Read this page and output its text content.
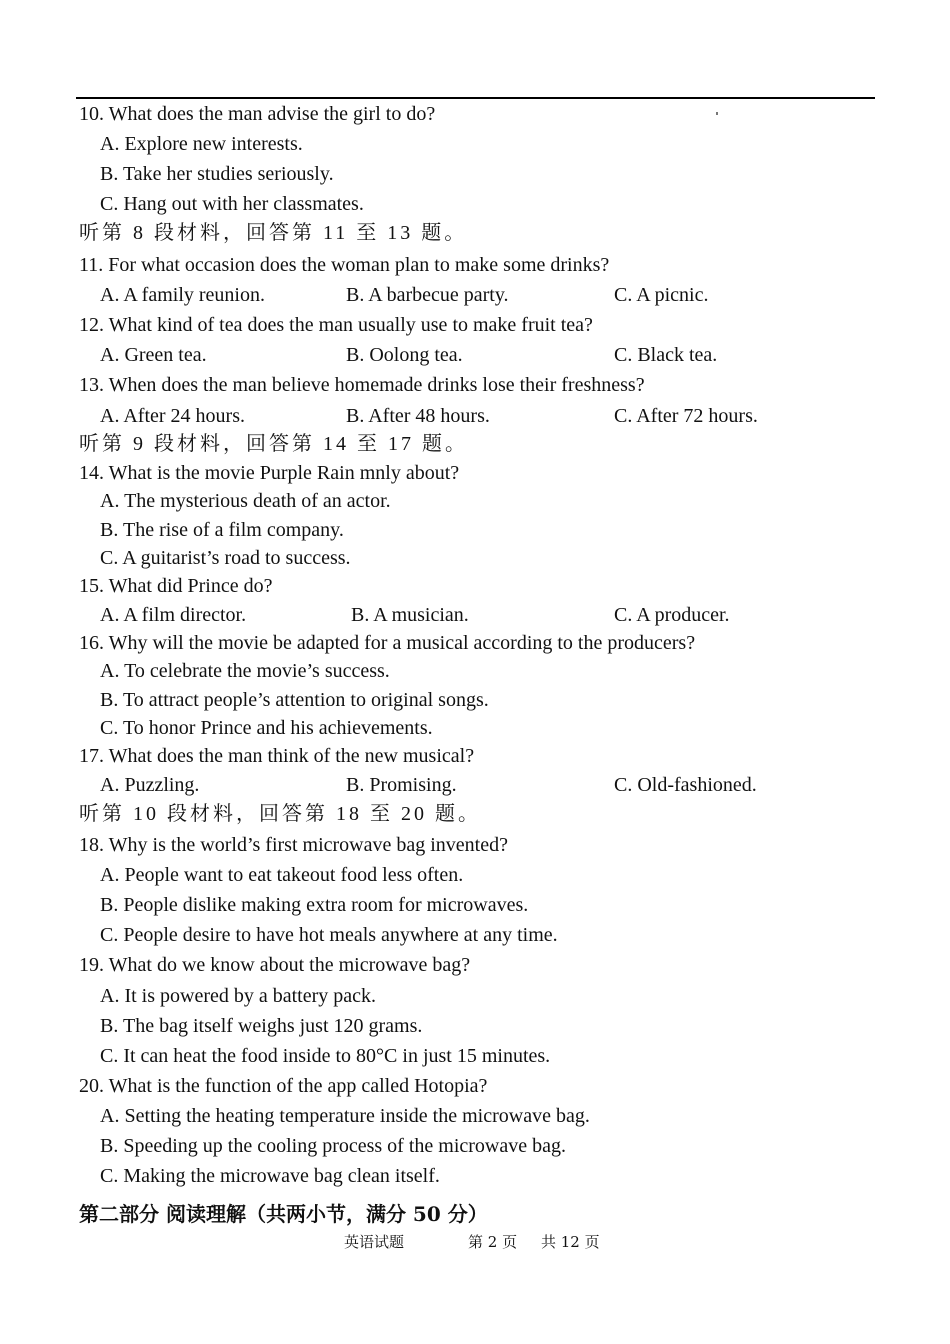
10. What does the man advise the girl to do?
A. Explore new interests.
B. Take her studies seriously.
C. Hang out with her classmates.
听第 8 段材料，回答第 11 至 13 题。
11. For what occasion does the woman plan to make some drinks?
A. A family reunion.	B. A barbecue party.	C. A picnic.
12. What kind of tea does the man usually use to make fruit tea?
A. Green tea.	B. Oolong tea.	C. Black tea.
13. When does the man believe homemade drinks lose their freshness?
A. After 24 hours.	B. After 48 hours.	C. After 72 hours.
听第 9 段材料，回答第 14 至 17 题。
14. What is the movie Purple Rain mnly about?
A. The mysterious death of an actor.
B. The rise of a film company.
C. A guitarist’s road to success.
15. What did Prince do?
A. A film director.	B. A musician.	C. A producer.
16. Why will the movie be adapted for a musical according to the producers?
A. To celebrate the movie’s success.
B. To attract people’s attention to original songs.
C. To honor Prince and his achievements.
17. What does the man think of the new musical?
A. Puzzling.	B. Promising.	C. Old-fashioned.
听第 10 段材料，回答第 18 至 20 题。
18. Why is the world’s first microwave bag invented?
A. People want to eat takeout food less often.
B. People dislike making extra room for microwaves.
C. People desire to have hot meals anywhere at any time.
19. What do we know about the microwave bag?
A. It is powered by a battery pack.
B. The bag itself weighs just 120 grams.
C. It can heat the food inside to 80°C in just 15 minutes.
20. What is the function of the app called Hotopia?
A. Setting the heating temperature inside the microwave bag.
B. Speeding up the cooling process of the microwave bag.
C. Making the microwave bag clean itself.
第二部分 阅读理解（共两小节，满分 50 分）
英语试题	第 2 页 共 12 页
